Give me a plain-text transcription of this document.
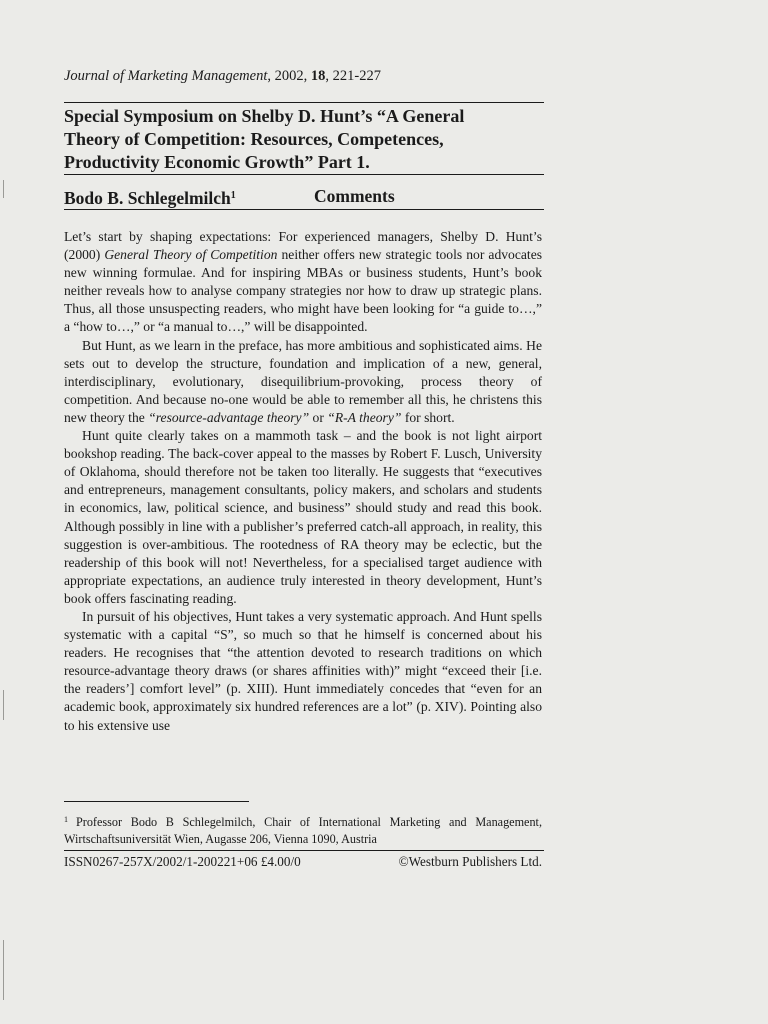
Journal of Marketing Management, 2002, 18, 221-227
Special Symposium on Shelby D. Hunt’s “A General
Theory of Competition: Resources, Competences,
Productivity Economic Growth” Part 1.
Bodo B. Schlegelmilch$^1$	Comments

Let’s start by shaping expectations: For experienced managers, Shelby D. Hunt’s (2000) General Theory of Competition neither offers new strategic tools nor advocates new winning formulae. And for inspiring MBAs or business students, Hunt’s book neither reveals how to analyse company strategies nor how to draw up strategic plans. Thus, all those unsuspecting readers, who might have been looking for “a guide to…,” a “how to…,” or “a manual to…,” will be disappointed.

But Hunt, as we learn in the preface, has more ambitious and sophisticated aims. He sets out to develop the structure, foundation and implication of a new, general, interdisciplinary, evolutionary, disequilibrium-provoking, process theory of competition. And because no-one would be able to remember all this, he christens this new theory the “resource-advantage theory” or “R-A theory” for short.

Hunt quite clearly takes on a mammoth task – and the book is not light airport bookshop reading. The back-cover appeal to the masses by Robert F. Lusch, University of Oklahoma, should therefore not be taken too literally. He suggests that “executives and entrepreneurs, management consultants, policy makers, and scholars and students in economics, law, political science, and business” should study and read this book. Although possibly in line with a publisher’s preferred catch-all approach, in reality, this suggestion is over-ambitious. The rootedness of RA theory may be eclectic, but the readership of this book will not! Nevertheless, for a specialised target audience with appropriate expectations, an audience truly interested in theory development, Hunt’s book offers fascinating reading.

In pursuit of his objectives, Hunt takes a very systematic approach. And Hunt spells systematic with a capital “S”, so much so that he himself is concerned about his readers. He recognises that “the attention devoted to research traditions on which resource-advantage theory draws (or shares affinities with)” might “exceed their [i.e. the readers’] comfort level” (p. XIII). Hunt immediately concedes that “even for an academic book, approximately six hundred references are a lot” (p. XIV). Pointing also to his extensive use

$^1$ Professor Bodo B Schlegelmilch, Chair of International Marketing and Management, Wirtschaftsuniversität Wien, Augasse 206, Vienna 1090, Austria
ISSN0267-257X/2002/1-200221+06 £4.00/0	©Westburn Publishers Ltd.
